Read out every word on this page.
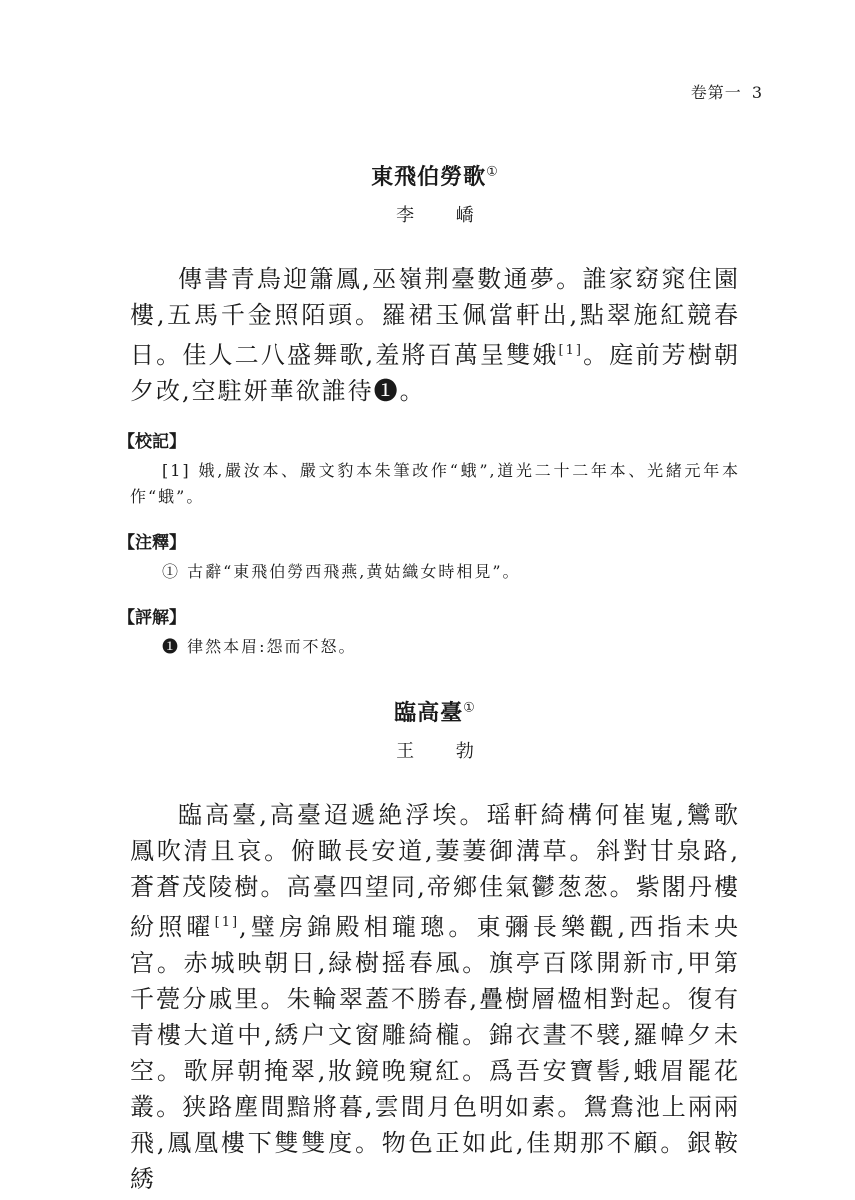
卷第一 3
東飛伯勞歌①
李 嶠

傳書青鳥迎簫鳳,巫嶺荆臺數通夢。誰家窈窕住園樓,五馬千金照陌頭。羅裙玉佩當軒出,點翠施紅競春日。佳人二八盛舞歌,羞將百萬呈雙娥[1]。庭前芳樹朝夕改,空駐妍華欲誰待❶。

【校記】

[1] 娥,嚴汝本、嚴文豹本朱筆改作“蛾”,道光二十二年本、光緒元年本作“蛾”。

【注釋】

① 古辭“東飛伯勞西飛燕,黄姑織女時相見”。

【評解】

❶ 律然本眉:怨而不怒。

臨高臺①
王 勃

臨高臺,高臺迢遞絶浮埃。瑶軒綺構何崔嵬,鸞歌鳳吹清且哀。俯瞰長安道,萋萋御溝草。斜對甘泉路,蒼蒼茂陵樹。高臺四望同,帝鄉佳氣鬱葱葱。紫閣丹樓紛照曜[1],璧房錦殿相瓏璁。東彌長樂觀,西指未央宫。赤城映朝日,緑樹摇春風。旗亭百隊開新市,甲第千甍分戚里。朱輪翠蓋不勝春,疊樹層楹相對起。復有青樓大道中,綉户文窗雕綺櫳。錦衣晝不襞,羅幃夕未空。歌屏朝掩翠,妝鏡晚窺紅。爲吾安寶髻,蛾眉罷花叢。狭路塵間黯將暮,雲間月色明如素。鴛鴦池上兩兩飛,鳳凰樓下雙雙度。物色正如此,佳期那不顧。銀鞍綉
